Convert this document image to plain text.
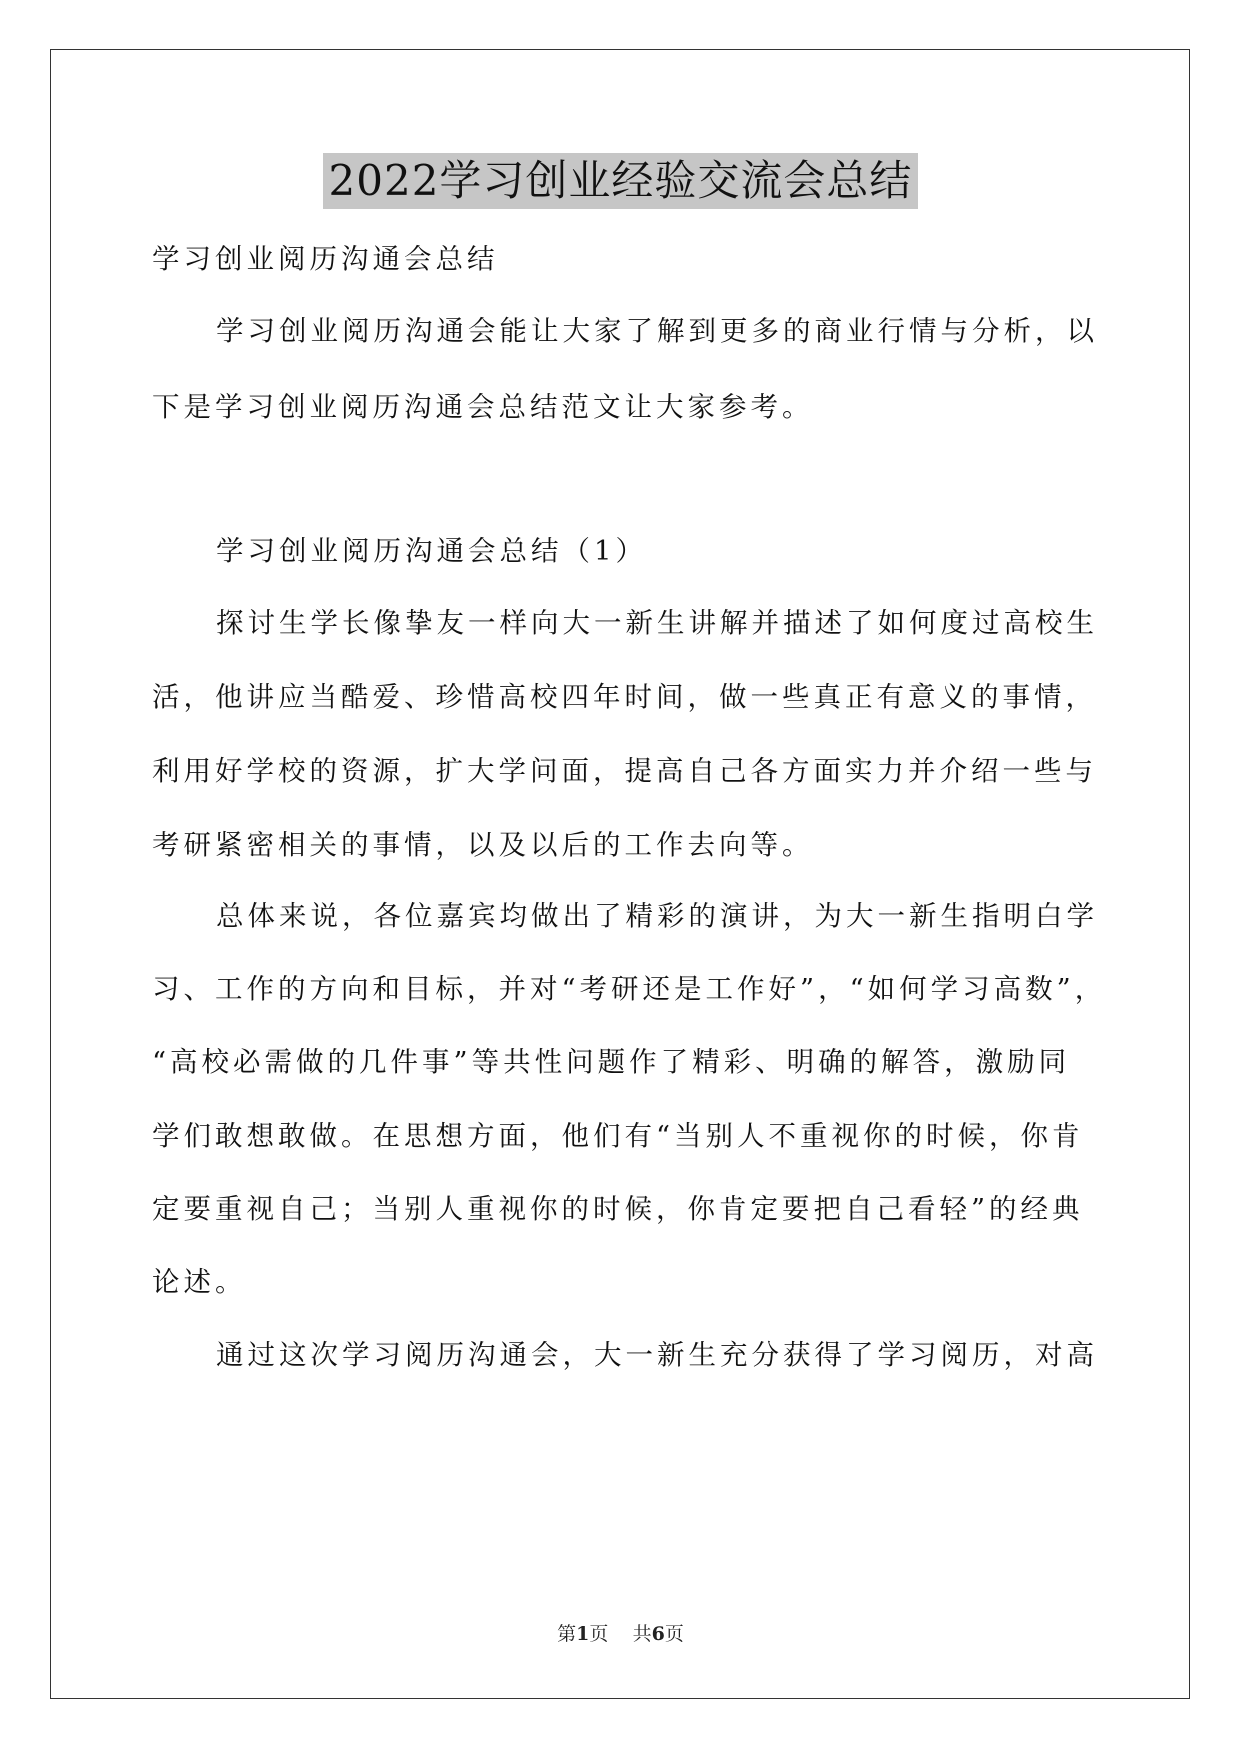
2022学习创业经验交流会总结

学习创业阅历沟通会总结

学习创业阅历沟通会能让大家了解到更多的商业行情与分析，以

下是学习创业阅历沟通会总结范文让大家参考。

学习创业阅历沟通会总结（1）

探讨生学长像挚友一样向大一新生讲解并描述了如何度过高校生

活，他讲应当酷爱、珍惜高校四年时间，做一些真正有意义的事情，

利用好学校的资源，扩大学问面，提高自己各方面实力并介绍一些与

考研紧密相关的事情，以及以后的工作去向等。

总体来说，各位嘉宾均做出了精彩的演讲，为大一新生指明白学

习、工作的方向和目标，并对“考研还是工作好”，“如何学习高数”，

“高校必需做的几件事”等共性问题作了精彩、明确的解答，激励同

学们敢想敢做。在思想方面，他们有“当别人不重视你的时候，你肯

定要重视自己；当别人重视你的时候，你肯定要把自己看轻”的经典

论述。

通过这次学习阅历沟通会，大一新生充分获得了学习阅历，对高

第1页 共6页
